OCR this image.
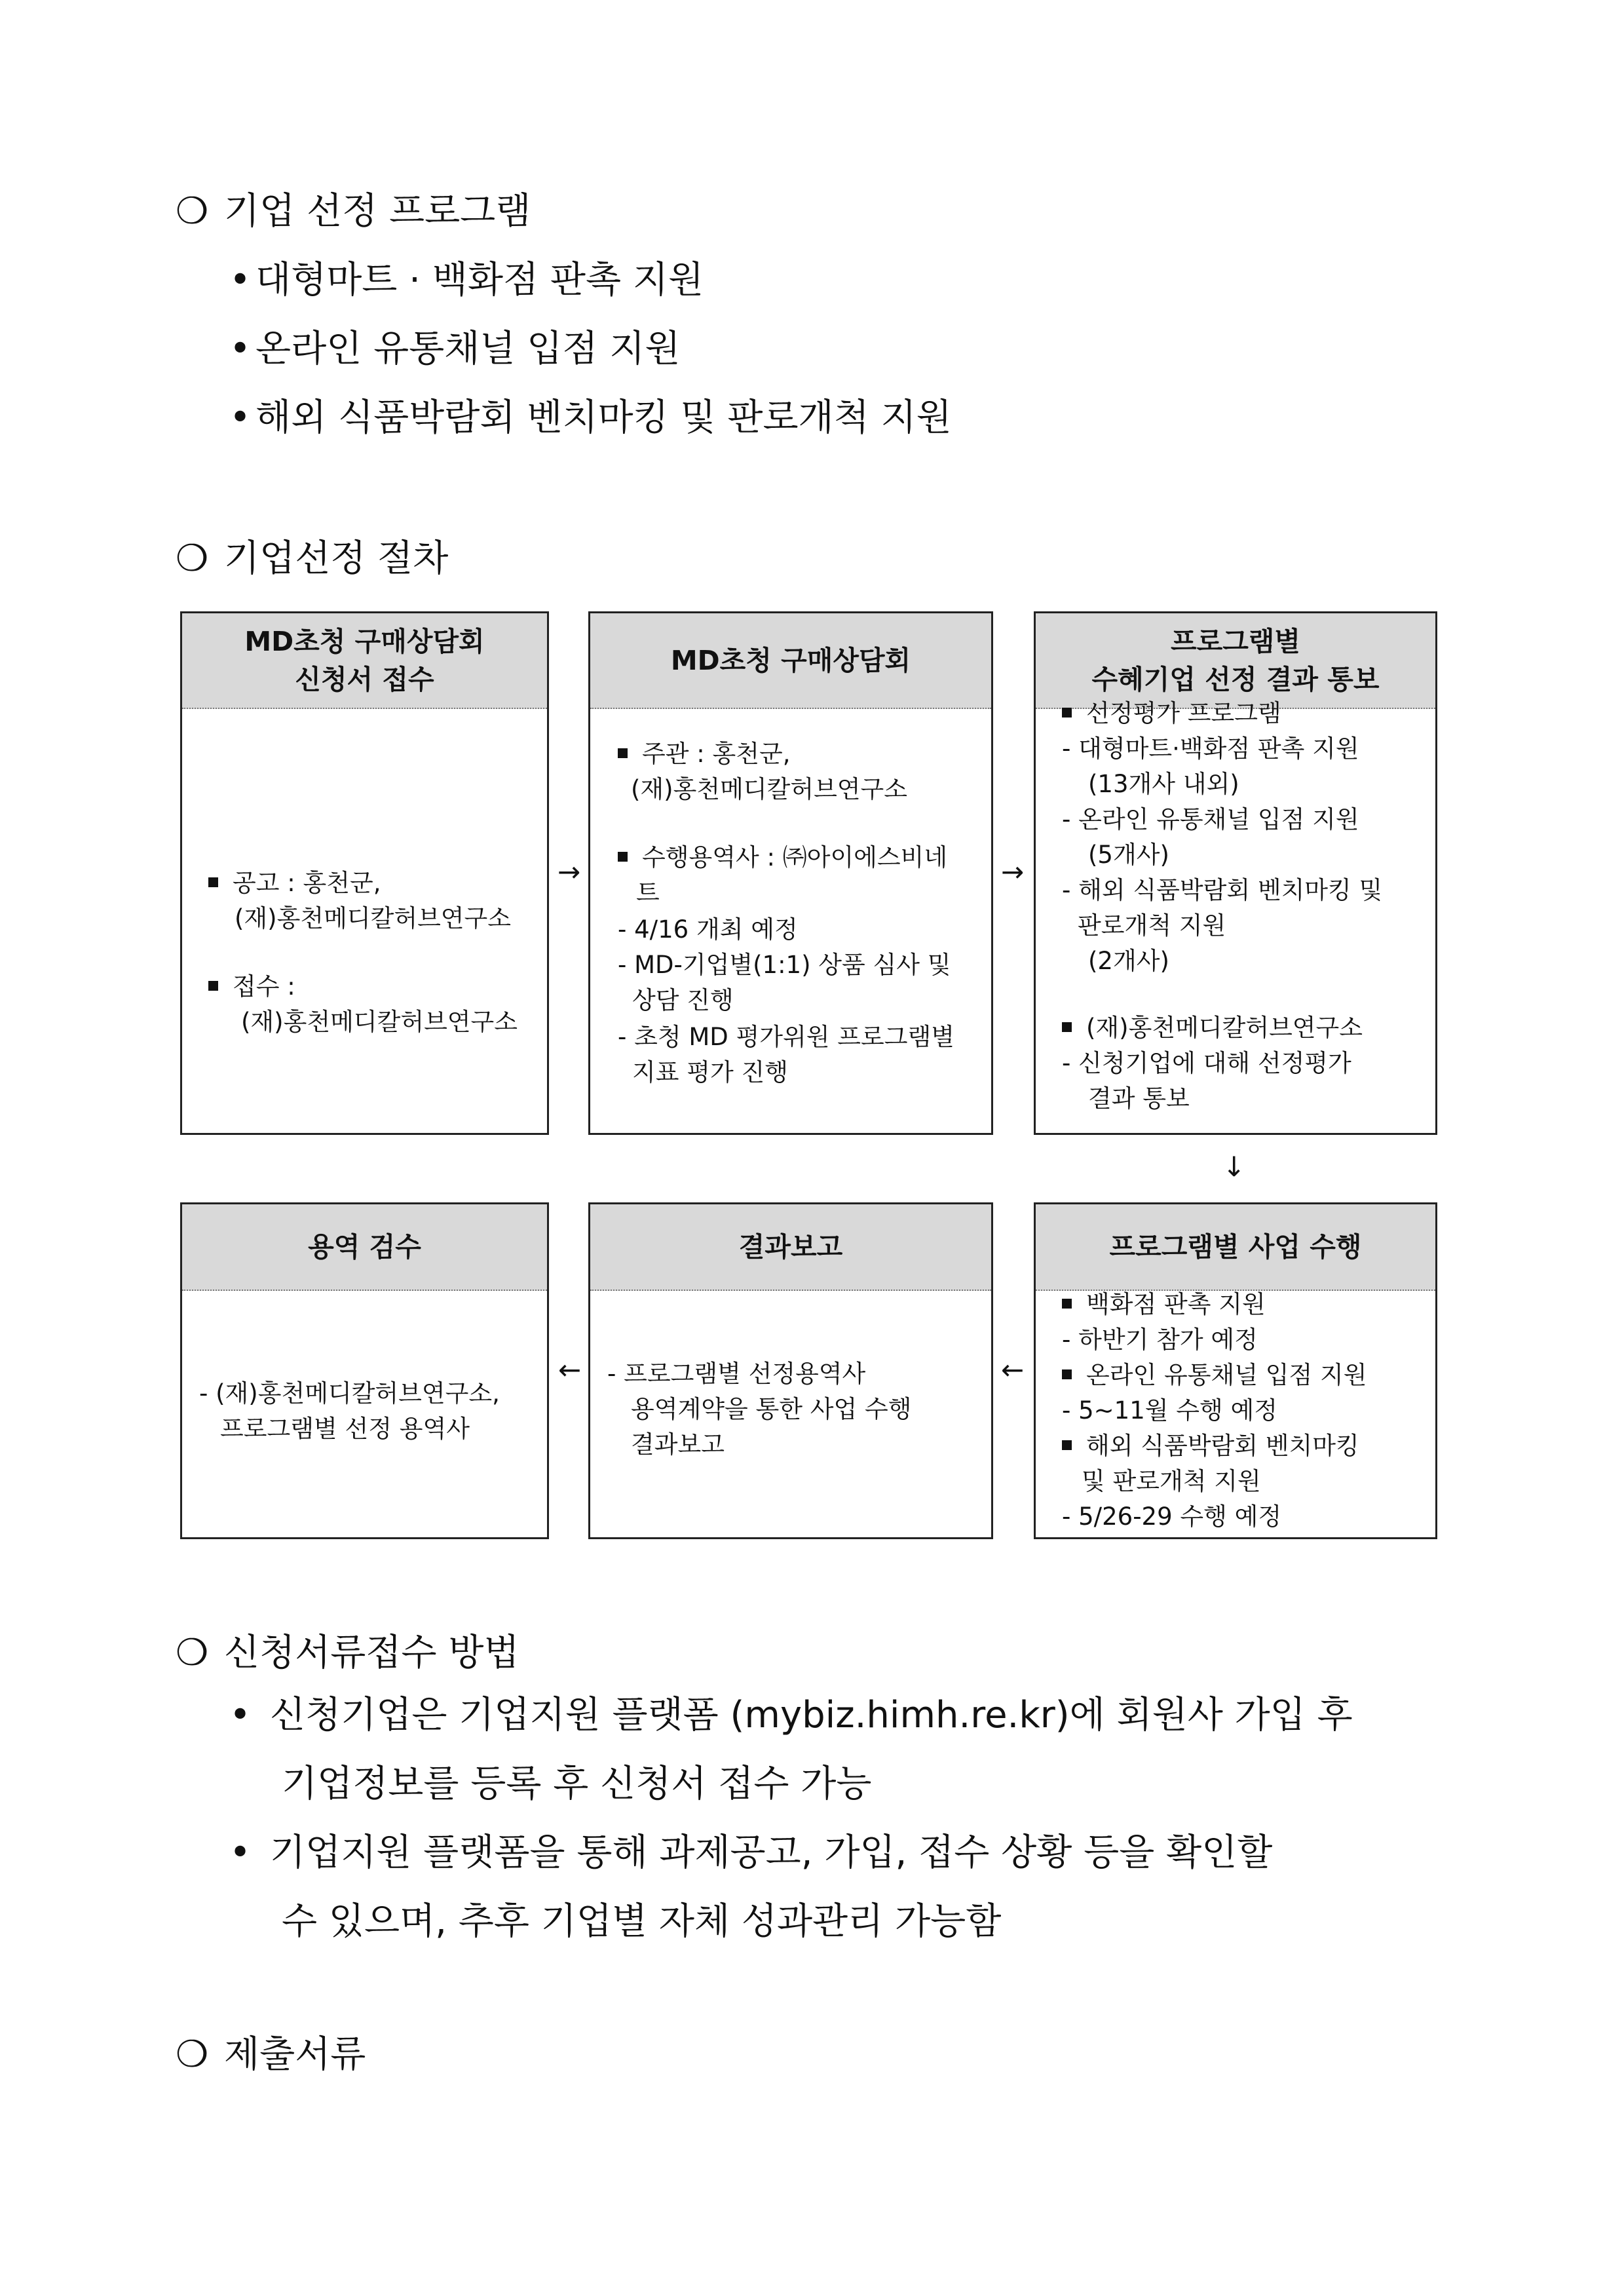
❍ 기업 선정 프로그램
• 대형마트 · 백화점 판촉 지원
• 온라인 유통채널 입점 지원
• 해외 식품박람회 벤치마킹 및 판로개척 지원
❍ 기업선정 절차
MD초청 구매상담회
신청서 접수
공고 : 홍천군,
(재)홍천메디칼허브연구소
접수 :
(재)홍천메디칼허브연구소
→
MD초청 구매상담회
주관 : 홍천군,
(재)홍천메디칼허브연구소
수행용역사 : ㈜아이에스비네
트
- 4/16 개최 예정
- MD-기업별(1:1) 상품 심사 및
상담 진행
- 초청 MD 평가위원 프로그램별
지표 평가 진행
→
프로그램별
수혜기업 선정 결과 통보
선정평가 프로그램
- 대형마트·백화점 판촉 지원
(13개사 내외)
- 온라인 유통채널 입점 지원
(5개사)
- 해외 식품박람회 벤치마킹 및
판로개척 지원
(2개사)
(재)홍천메디칼허브연구소
- 신청기업에 대해 선정평가
결과 통보
↓
용역 검수
- (재)홍천메디칼허브연구소,
프로그램별 선정 용역사
←
결과보고
- 프로그램별 선정용역사
용역계약을 통한 사업 수행
결과보고
←
프로그램별 사업 수행
백화점 판촉 지원
- 하반기 참가 예정
온라인 유통채널 입점 지원
- 5~11월 수행 예정
해외 식품박람회 벤치마킹
및 판로개척 지원
- 5/26-29 수행 예정
❍ 신청서류접수 방법
• 신청기업은 기업지원 플랫폼 (mybiz.himh.re.kr)에 회원사 가입 후
기업정보를 등록 후 신청서 접수 가능
• 기업지원 플랫폼을 통해 과제공고, 가입, 접수 상황 등을 확인할
수 있으며, 추후 기업별 자체 성과관리 가능함
❍ 제출서류
